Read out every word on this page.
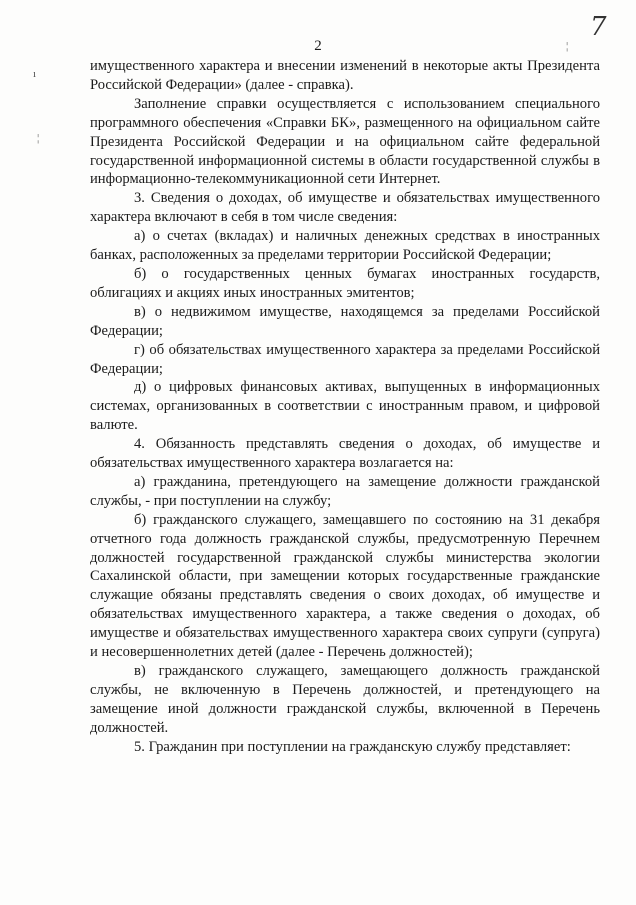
2
7
ı
¦
¦

имущественного характера и внесении изменений в некоторые акты Президента Российской Федерации» (далее - справка).

Заполнение справки осуществляется с использованием специального программного обеспечения «Справки БК», размещенного на официальном сайте Президента Российской Федерации и на официальном сайте федеральной государственной информационной системы в области государственной службы в информационно-телекоммуникационной сети Интернет.

3. Сведения о доходах, об имуществе и обязательствах имущественного характера включают в себя в том числе сведения:

а) о счетах (вкладах) и наличных денежных средствах в иностранных банках, расположенных за пределами территории Российской Федерации;

б) о государственных ценных бумагах иностранных государств, облигациях и акциях иных иностранных эмитентов;

в) о недвижимом имуществе, находящемся за пределами Российской Федерации;

г) об обязательствах имущественного характера за пределами Российской Федерации;

д) о цифровых финансовых активах, выпущенных в информационных системах, организованных в соответствии с иностранным правом, и цифровой валюте.

4. Обязанность представлять сведения о доходах, об имуществе и обязательствах имущественного характера возлагается на:

а) гражданина, претендующего на замещение должности гражданской службы, - при поступлении на службу;

б) гражданского служащего, замещавшего по состоянию на 31 декабря отчетного года должность гражданской службы, предусмотренную Перечнем должностей государственной гражданской службы министерства экологии Сахалинской области, при замещении которых государственные гражданские служащие обязаны представлять сведения о своих доходах, об имуществе и обязательствах имущественного характера, а также сведения о доходах, об имуществе и обязательствах имущественного характера своих супруги (супруга) и несовершеннолетних детей (далее - Перечень должностей);

в) гражданского служащего, замещающего должность гражданской службы, не включенную в Перечень должностей, и претендующего на замещение иной должности гражданской службы, включенной в Перечень должностей.

5. Гражданин при поступлении на гражданскую службу представляет:
